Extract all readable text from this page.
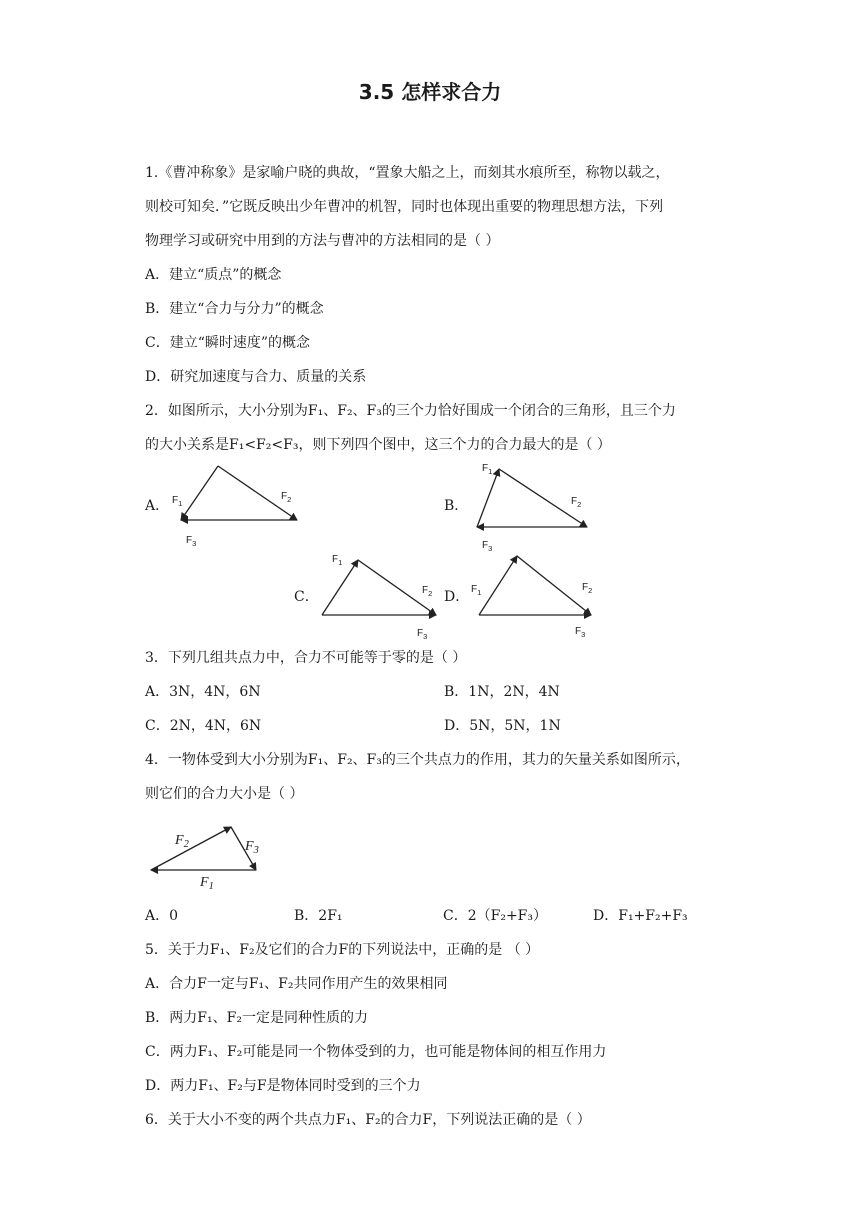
3.5 怎样求合力
1.《曹冲称象》是家喻户晓的典故，“置象大船之上，而刻其水痕所至，称物以载之，
则校可知矣．”它既反映出少年曹冲的机智，同时也体现出重要的物理思想方法，下列
物理学习或研究中用到的方法与曹冲的方法相同的是（ ）
A．建立“质点”的概念
B．建立“合力与分力”的概念
C．建立“瞬时速度”的概念
D．研究加速度与合力、质量的关系
2．如图所示，大小分别为F₁、F₂、F₃的三个力恰好围成一个闭合的三角形，且三个力
的大小关系是F₁<F₂<F₃，则下列四个图中，这三个力的合力最大的是（ ）
A．	B．
C．	D．
$F_1$
$F_2$
$F_3$
$F_1$
$F_2$
$F_3$
$F_1$
$F_2$
$F_3$
$F_1$	$F_2$
$F_3$
3．下列几组共点力中，合力不可能等于零的是（ ）
A．3N，4N，6N	B．1N，2N，4N
C．2N，4N，6N	D．5N，5N，1N
4．一物体受到大小分别为F₁、F₂、F₃的三个共点力的作用，其力的矢量关系如图所示，
则它们的合力大小是（ ）
$F_2$	$F_3$
$F_1$
A．0	B．2F₁	C．2（F₂+F₃）	D．F₁+F₂+F₃
5．关于力F₁、F₂及它们的合力F的下列说法中，正确的是 （ ）
A．合力F一定与F₁、F₂共同作用产生的效果相同
B．两力F₁、F₂一定是同种性质的力
C．两力F₁、F₂可能是同一个物体受到的力，也可能是物体间的相互作用力
D．两力F₁、F₂与F是物体同时受到的三个力
6．关于大小不变的两个共点力F₁、F₂的合力F，下列说法正确的是（ ）
